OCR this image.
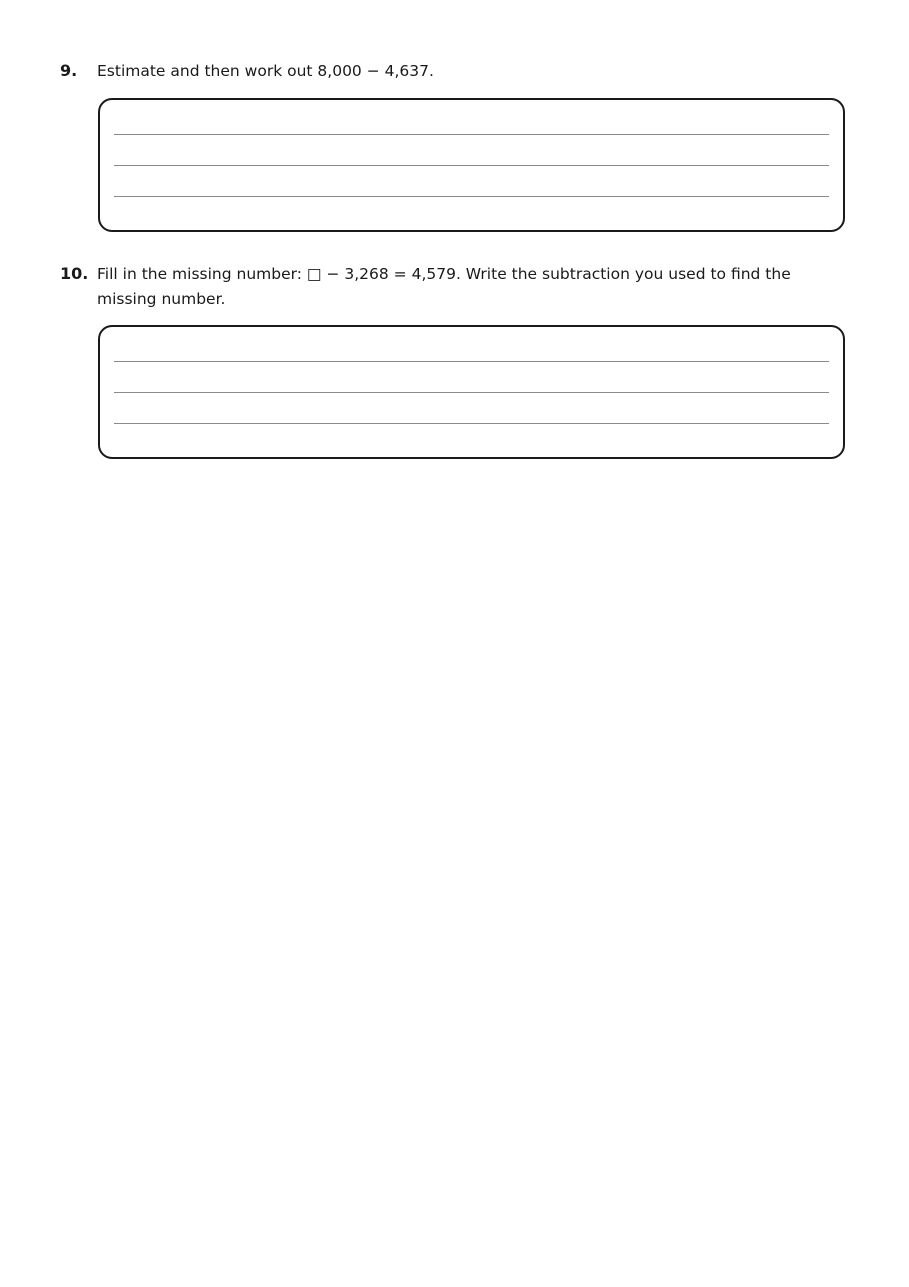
9. Estimate and then work out 8,000 − 4,637.
10. Fill in the missing number: □ − 3,268 = 4,579. Write the subtraction you used to find the missing number.
